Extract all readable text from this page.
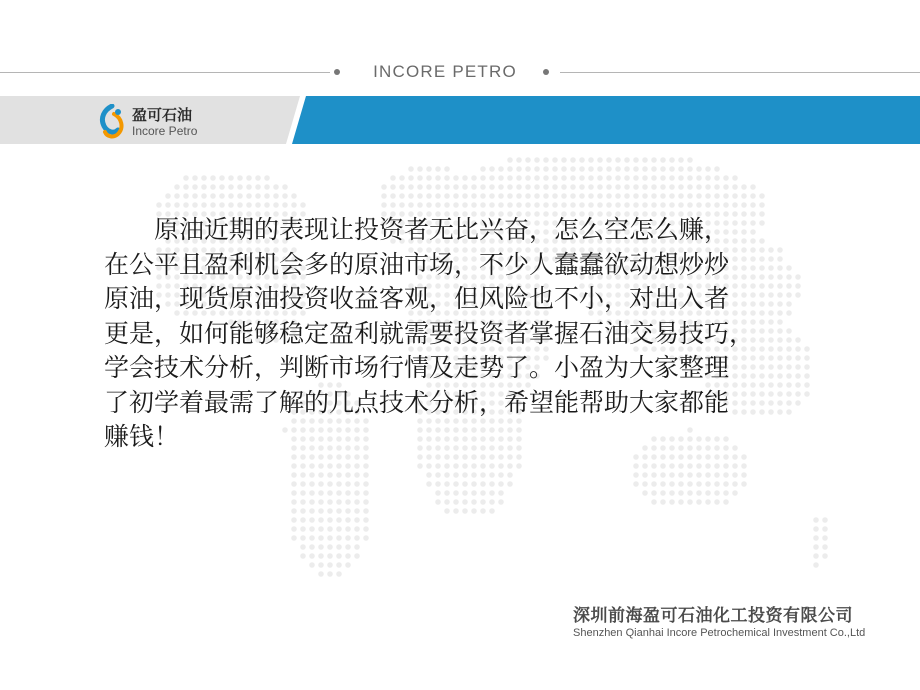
INCORE PETRO
盈可石油
Incore Petro
　　原油近期的表现让投资者无比兴奋，怎么空怎么赚，
在公平且盈利机会多的原油市场，不少人蠢蠢欲动想炒炒
原油，现货原油投资收益客观，但风险也不小，对出入者
更是，如何能够稳定盈利就需要投资者掌握石油交易技巧，
学会技术分析，判断市场行情及走势了。小盈为大家整理
了初学着最需了解的几点技术分析，希望能帮助大家都能
赚钱！
深圳前海盈可石油化工投资有限公司
Shenzhen Qianhai Incore Petrochemical Investment Co.,Ltd
